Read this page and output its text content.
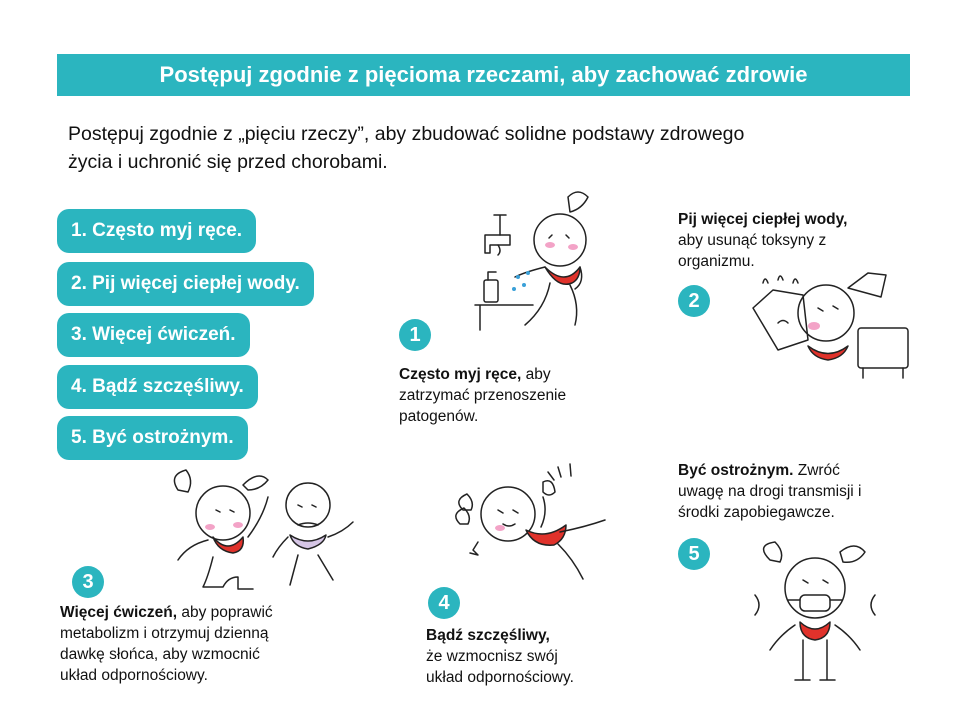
Postępuj zgodnie z pięcioma rzeczami, aby zachować zdrowie
Postępuj zgodnie z „pięciu rzeczy”, aby zbudować solidne podstawy zdrowego
życia i uchronić się przed chorobami.
1. Często myj ręce.
2. Pij więcej ciepłej wody.
3. Więcej ćwiczeń.
4. Bądź szczęśliwy.
5. Być ostrożnym.
1
Często myj ręce, aby
zatrzymać przenoszenie
patogenów.
2
Pij więcej ciepłej wody,
aby usunąć toksyny z
organizmu.
3
Więcej ćwiczeń, aby poprawić
metabolizm i otrzymuj dzienną
dawkę słońca, aby wzmocnić
układ odpornościowy.
4
Bądź szczęśliwy,
że wzmocnisz swój
układ odpornościowy.
5
Być ostrożnym. Zwróć
uwagę na drogi transmisji i
środki zapobiegawcze.
